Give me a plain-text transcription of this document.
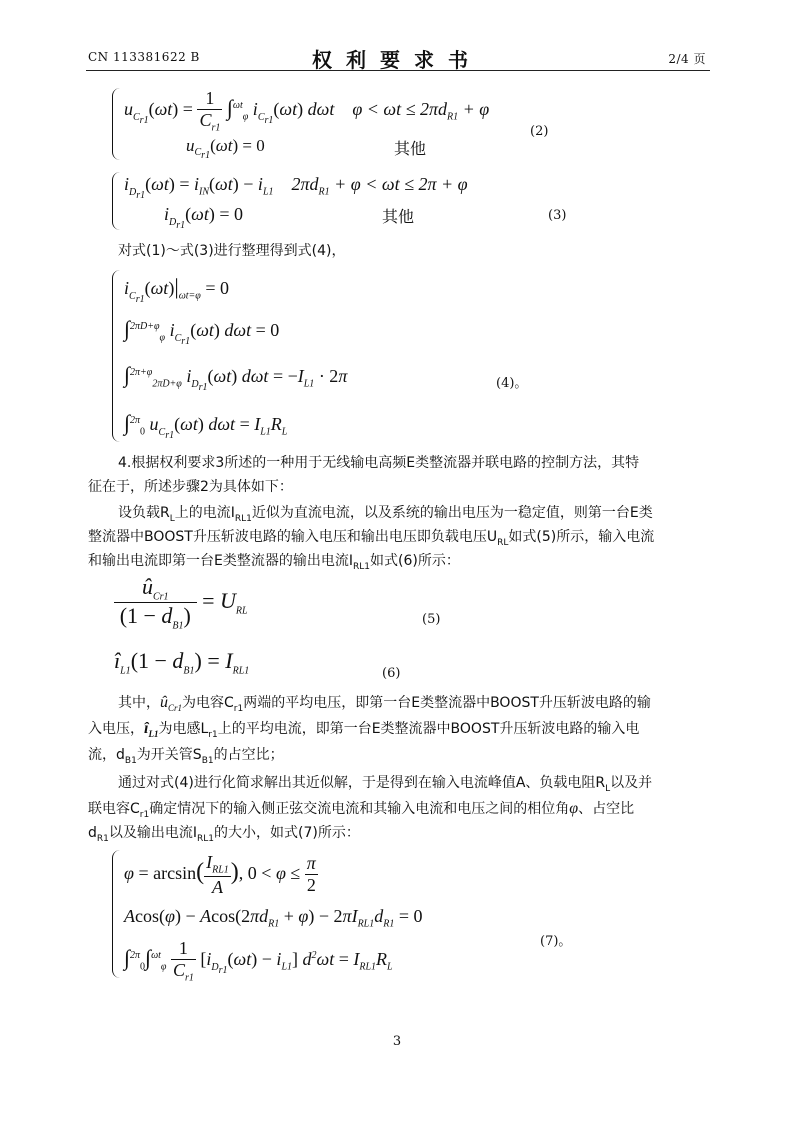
CN 113381622 B	权利要求书	2/4 页
$u_{C_{r1}}(\omega t) = \frac{1}{C_{r1}} \int^{\omega t}_\varphi$ $i_{C_{r1}}(\omega t)$ dωt    $\varphi < \omega t \le 2\pi d_{R1} + \varphi$
$u_{C_{r1}}(\omega t) = 0$	其他
(2)
$i_{D_{r1}}(\omega t) = i_{IN}(\omega t) - i_{L1}$    $2\pi d_{R1} + \varphi < \omega t \le 2\pi + \varphi$
$i_{D_{r1}}(\omega t) = 0$	其他	(3)
对式(1)～式(3)进行整理得到式(4)，
$i_{C_{r1}}(\omega t)|_{\omega t=\varphi} = 0$
∫$^{2\pi D+\varphi}_\varphi$ $i_{C_{r1}}(\omega t) d\omega t = 0$
∫$^{2\pi+\varphi}_{2\pi D+\varphi}$ $i_{D_{r1}}(\omega t) d\omega t = -I_{L1} \cdot 2\pi$
∫$^{2\pi}_0$ $u_{C_{r1}}(\omega t) d\omega t = I_{L1}R_L$
(4)。
4.根据权利要求3所述的一种用于无线输电高频E类整流器并联电路的控制方法，其特
征在于，所述步骤2为具体如下：
设负载$R_L$上的电流$I_{RL1}$近似为直流电流，以及系统的输出电压为一稳定值，则第一台E类
整流器中BOOST升压斩波电路的输入电压和输出电压即负载电压$U_{RL}$如式(5)所示，输入电流
和输出电流即第一台E类整流器的输出电流$I_{RL1}$如式(6)所示：
$\frac{û_{Cr1}}{(1 - d_{B1})} = U_{RL}$
(5)
$î_{L1}(1 - d_{B1}) = I_{RL1}$	(6)
其中，$û_{Cr1}$为电容$C_{r1}$两端的平均电压，即第一台E类整流器中BOOST升压斩波电路的输
入电压，$î_{L1}$为电感$L_{r1}$上的平均电流，即第一台E类整流器中BOOST升压斩波电路的输入电
流，$d_{B1}$为开关管$S_{B1}$的占空比；
通过对式(4)进行化简求解出其近似解，于是得到在输入电流峰值A、负载电阻$R_L$以及并
联电容$C_{r1}$确定情况下的输入侧正弦交流电流和其输入电流和电压之间的相位角φ、占空比
$d_{R1}$以及输出电流$I_{RL1}$的大小，如式(7)所示：
$\varphi = \arcsin( \frac{I_{RL1}}{A}$ ), $0 < \varphi \le \frac{\pi}{2}$
$Acos(\varphi) - Acos(2\pi d_{R1} + \varphi) - 2\pi I_{RL1}d_{R1} = 0$
$\int^{2\pi}_0\int^{\omega t}_\varphi \frac{1}{C_{r1}} [i_{D_{r1}}(\omega t) - i_{L1}] d^2\omega t = I_{RL1}R_L$
(7)。
3
